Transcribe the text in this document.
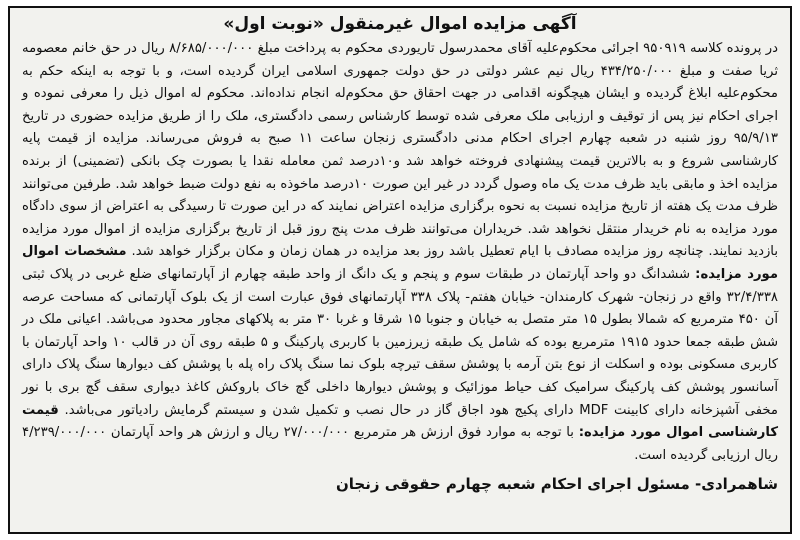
آگهی مزایده اموال غیرمنقول «نوبت اول»

در پرونده کلاسه ۹۵۰۹۱۹ اجرائی محکوم‌علیه آقای محمدرسول تاریوردی محکوم به پرداخت مبلغ ۸/۶۸۵/۰۰۰/۰۰۰ ریال در حق خانم معصومه ثریا صفت و مبلغ ۴۳۴/۲۵۰/۰۰۰ ریال نیم عشر دولتی در حق دولت جمهوری اسلامی ایران گردیده است، و با توجه به اینکه حکم به محکوم‌علیه ابلاغ گردیده و ایشان هیچگونه اقدامی در جهت احقاق حق محکوم‌له انجام نداده‌اند. محکوم له اموال ذیل را معرفی نموده و اجرای احکام نیز پس از توقیف و ارزیابی ملک معرفی شده توسط کارشناس رسمی دادگستری، ملک را از طریق مزایده حضوری در تاریخ ۹۵/۹/۱۳ روز شنبه در شعبه چهارم اجرای احکام مدنی دادگستری زنجان ساعت ۱۱ صبح به فروش می‌رساند. مزایده از قیمت پایه کارشناسی شروع و به بالاترین قیمت پیشنهادی فروخته خواهد شد و۱۰درصد ثمن معامله نقدا یا بصورت چک بانکی (تضمینی) از برنده مزایده اخذ و مابقی باید ظرف مدت یک ماه وصول گردد در غیر این صورت ۱۰درصد ماخوذه به نفع دولت ضبط خواهد شد. طرفین می‌توانند ظرف مدت یک هفته از تاریخ مزایده نسبت به نحوه برگزاری مزایده اعتراض نمایند که در این صورت تا رسیدگی به اعتراض از سوی دادگاه مورد مزایده به نام خریدار منتقل نخواهد شد. خریداران می‌توانند ظرف مدت پنج روز قبل از تاریخ برگزاری مزایده از اموال مورد مزایده بازدید نمایند. چنانچه روز مزایده مصادف با ایام تعطیل باشد روز بعد مزایده در همان زمان و مکان برگزار خواهد شد. مشخصات اموال مورد مزایده: ششدانگ دو واحد آپارتمان در طبقات سوم و پنجم و یک دانگ از واحد طبقه چهارم از آپارتمانهای ضلع غربی در پلاک ثبتی ۳۲/۴/۳۳۸ واقع در زنجان- شهرک کارمندان- خیابان هفتم- پلاک ۳۳۸ آپارتمانهای فوق عبارت است از یک بلوک آپارتمانی که مساحت عرصه آن ۴۵۰ مترمربع که شمالا بطول ۱۵ متر متصل به خیابان و جنوبا ۱۵ شرقا و غربا ۳۰ متر به پلاکهای مجاور محدود می‌باشد. اعیانی ملک در شش طبقه جمعا حدود ۱۹۱۵ مترمربع بوده که شامل یک طبقه زیرزمین با کاربری پارکینگ و ۵ طبقه روی آن در قالب ۱۰ واحد آپارتمان با کاربری مسکونی بوده و اسکلت از نوع بتن آرمه با پوشش سقف تیرچه بلوک نما سنگ پلاک راه پله با پوشش کف دیوارها سنگ پلاک دارای آسانسور پوشش کف پارکینگ سرامیک کف حیاط موزائیک و پوشش دیوارها داخلی گچ خاک باروکش کاغذ دیواری سقف گچ بری با نور مخفی آشپزخانه دارای کابینت MDF دارای پکیج هود اجاق گاز در حال نصب و تکمیل شدن و سیستم گرمایش رادیاتور می‌باشد. قیمت کارشناسی اموال مورد مزایده: با توجه به موارد فوق ارزش هر مترمربع ۲۷/۰۰۰/۰۰۰ ریال و ارزش هر واحد آپارتمان ۴/۲۳۹/۰۰۰/۰۰۰ ریال ارزیابی گردیده است.

شاهمرادی- مسئول اجرای احکام شعبه چهارم حقوقی زنجان
